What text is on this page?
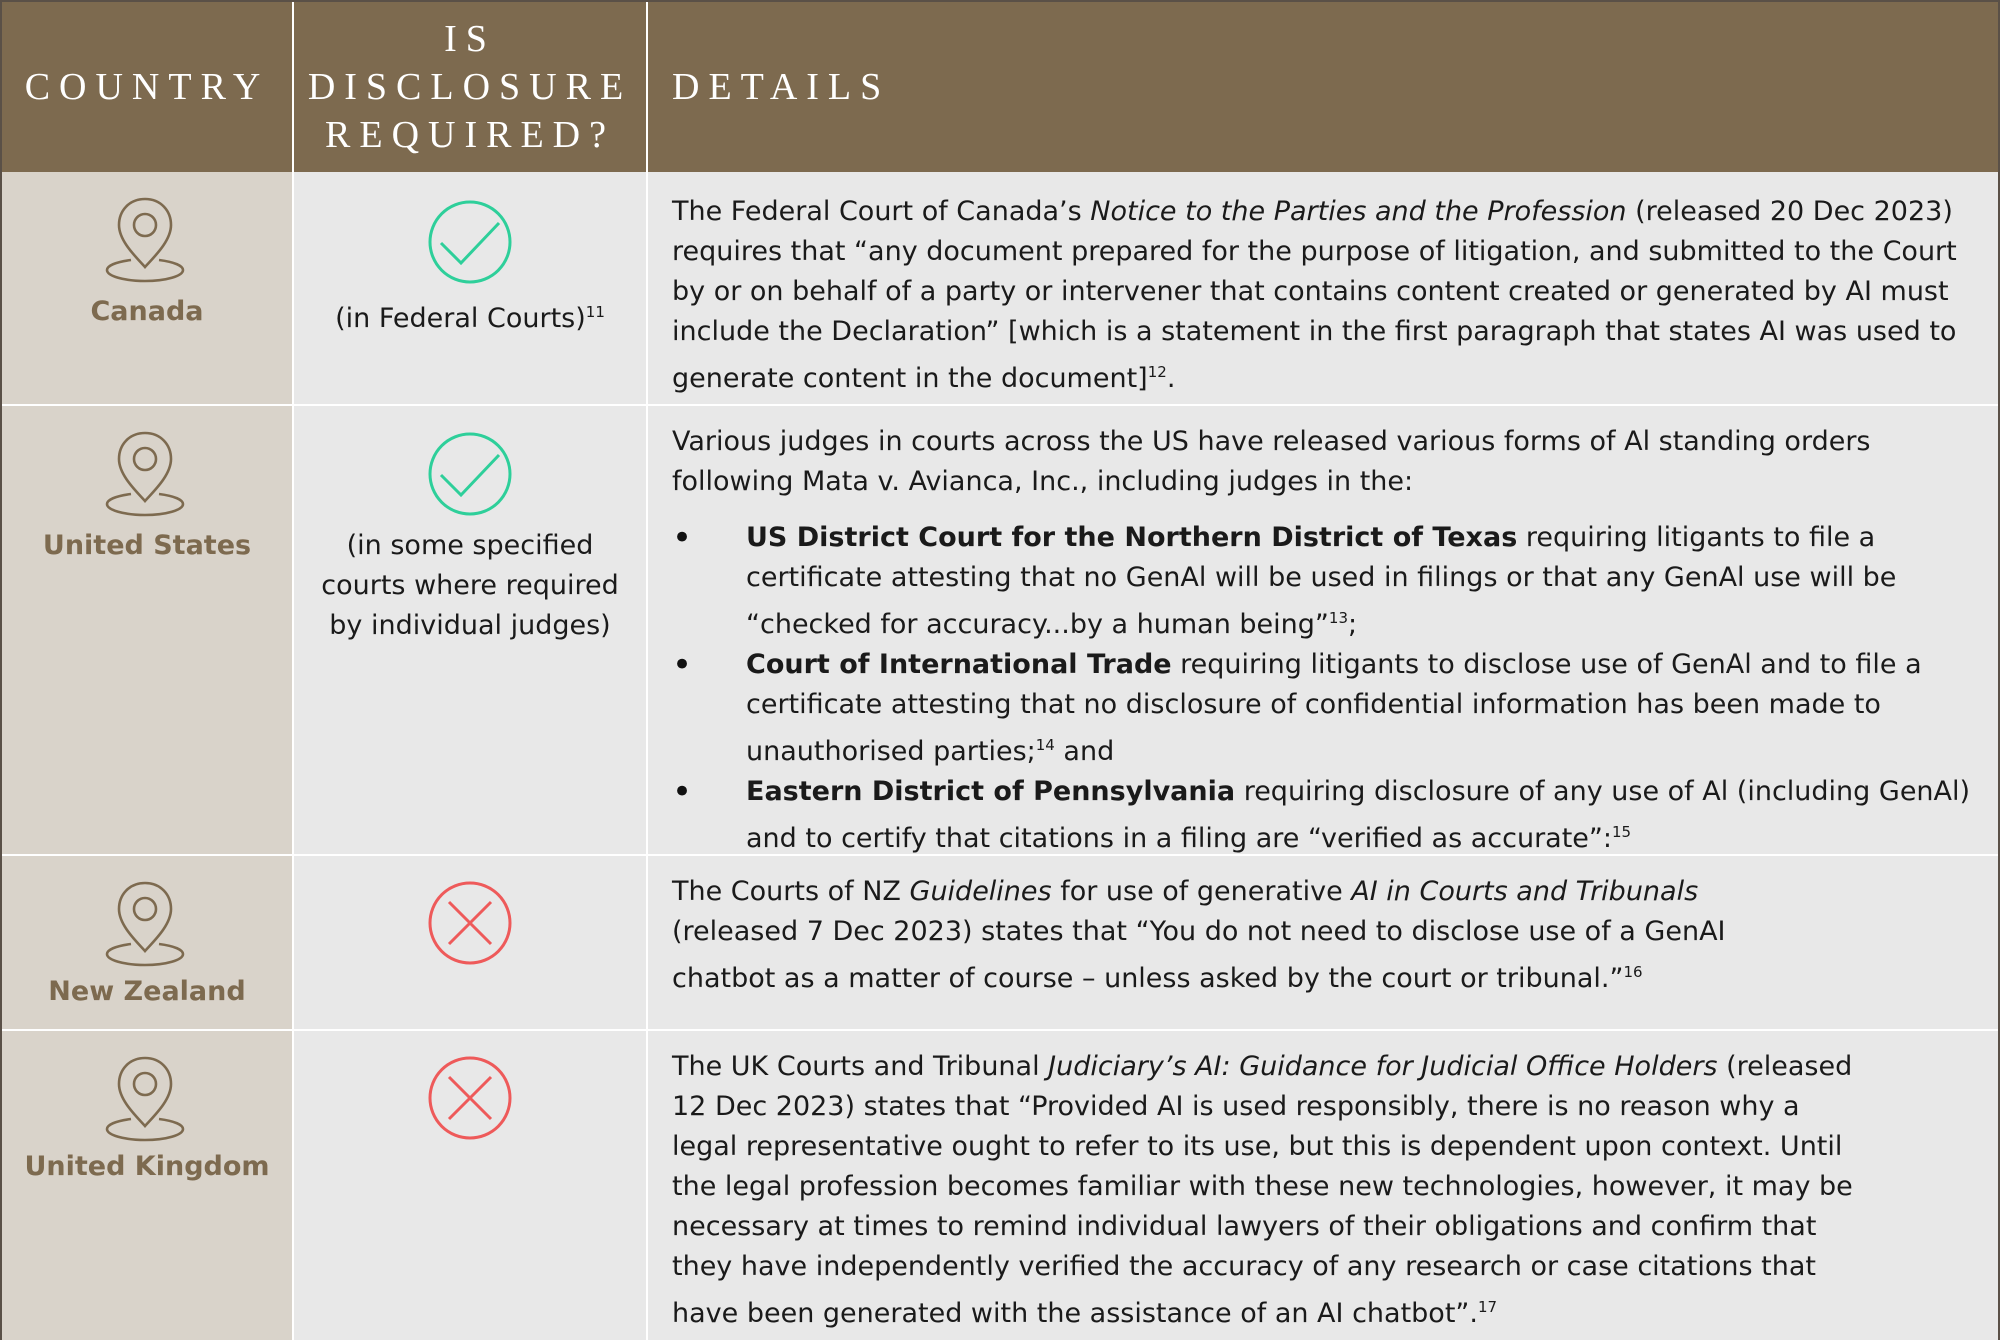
COUNTRY
IS
DISCLOSURE
REQUIRED?
DETAILS
Canada	(in Federal Courts)$^{11}$
The Federal Court of Canada’s Notice to the Parties and the Profession (released 20 Dec 2023) requires that “any document prepared for the purpose of litigation, and submitted to the Court by or on behalf of a party or intervener that contains content created or generated by AI must include the Declaration” [which is a statement in the first paragraph that states AI was used to generate content in the document]$^{12}$.
United States	(in some specified
courts where required
by individual judges)

Various judges in courts across the US have released various forms of Al standing orders following Mata v. Avianca, Inc., including judges in the:

• US District Court for the Northern District of Texas requiring litigants to file a certificate attesting that no GenAl will be used in filings or that any GenAl use will be “checked for accuracy...by a human being”$^{13}$;
• Court of International Trade requiring litigants to disclose use of GenAl and to file a certificate attesting that no disclosure of confidential information has been made to unauthorised parties;$^{14}$ and
• Eastern District of Pennsylvania requiring disclosure of any use of Al (including GenAl) and to certify that citations in a filing are “verified as accurate”:$^{15}$
New Zealand
The Courts of NZ Guidelines for use of generative AI in Courts and Tribunals (released 7 Dec 2023) states that “You do not need to disclose use of a GenAI chatbot as a matter of course – unless asked by the court or tribunal.”$^{16}$
United Kingdom
The UK Courts and Tribunal Judiciary’s AI: Guidance for Judicial Office Holders (released 12 Dec 2023) states that “Provided AI is used responsibly, there is no reason why a legal representative ought to refer to its use, but this is dependent upon context. Until the legal profession becomes familiar with these new technologies, however, it may be necessary at times to remind individual lawyers of their obligations and confirm that they have independently verified the accuracy of any research or case citations that have been generated with the assistance of an AI chatbot”.$^{17}$
